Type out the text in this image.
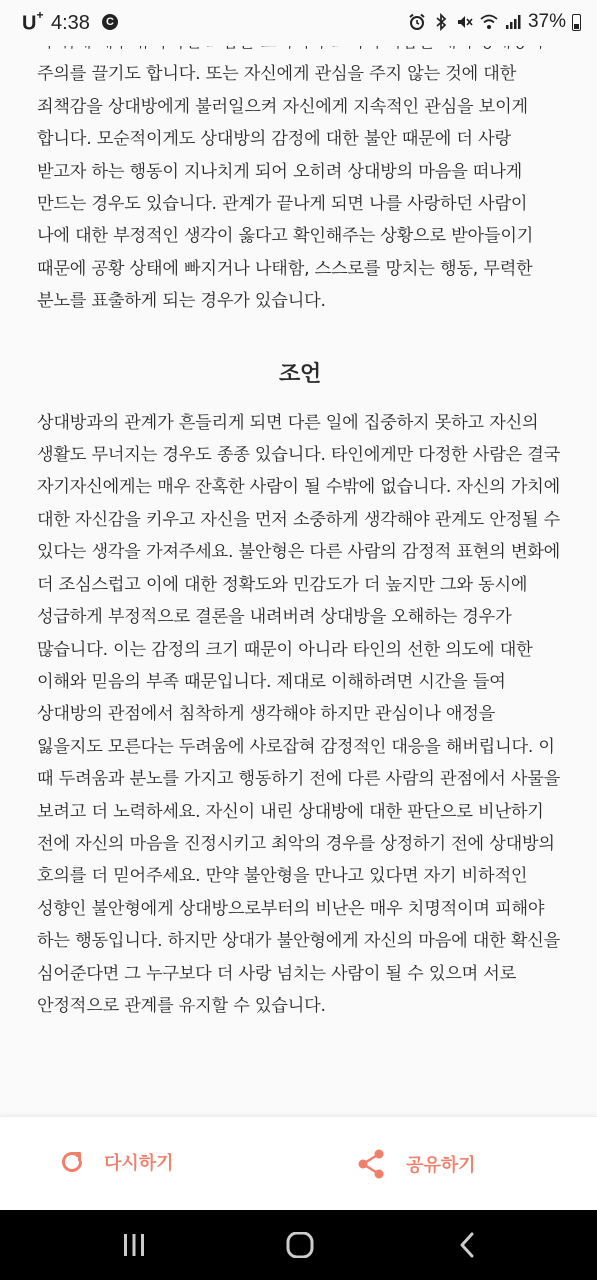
U+ 4:38	C	37%

주의를 끌기도 합니다. 또는 자신에게 관심을 주지 않는 것에 대한 죄책감을 상대방에게 불러일으켜 자신에게 지속적인 관심을 보이게 합니다. 모순적이게도 상대방의 감정에 대한 불안 때문에 더 사랑 받고자 하는 행동이 지나치게 되어 오히려 상대방의 마음을 떠나게 만드는 경우도 있습니다. 관계가 끝나게 되면 나를 사랑하던 사람이 나에 대한 부정적인 생각이 옳다고 확인해주는 상황으로 받아들이기 때문에 공황 상태에 빠지거나 나태함, 스스로를 망치는 행동, 무력한 분노를 표출하게 되는 경우가 있습니다.

조언

상대방과의 관계가 흔들리게 되면 다른 일에 집중하지 못하고 자신의 생활도 무너지는 경우도 종종 있습니다. 타인에게만 다정한 사람은 결국 자기자신에게는 매우 잔혹한 사람이 될 수밖에 없습니다. 자신의 가치에 대한 자신감을 키우고 자신을 먼저 소중하게 생각해야 관계도 안정될 수 있다는 생각을 가져주세요. 불안형은 다른 사람의 감정적 표현의 변화에 더 조심스럽고 이에 대한 정확도와 민감도가 더 높지만 그와 동시에 성급하게 부정적으로 결론을 내려버려 상대방을 오해하는 경우가 많습니다. 이는 감정의 크기 때문이 아니라 타인의 선한 의도에 대한 이해와 믿음의 부족 때문입니다. 제대로 이해하려면 시간을 들여 상대방의 관점에서 침착하게 생각해야 하지만 관심이나 애정을 잃을지도 모른다는 두려움에 사로잡혀 감정적인 대응을 해버립니다. 이 때 두려움과 분노를 가지고 행동하기 전에 다른 사람의 관점에서 사물을 보려고 더 노력하세요. 자신이 내린 상대방에 대한 판단으로 비난하기 전에 자신의 마음을 진정시키고 최악의 경우를 상정하기 전에 상대방의 호의를 더 믿어주세요. 만약 불안형을 만나고 있다면 자기 비하적인 성향인 불안형에게 상대방으로부터의 비난은 매우 치명적이며 피해야 하는 행동입니다. 하지만 상대가 불안형에게 자신의 마음에 대한 확신을 심어준다면 그 누구보다 더 사랑 넘치는 사람이 될 수 있으며 서로 안정적으로 관계를 유지할 수 있습니다.

다시하기	공유하기
